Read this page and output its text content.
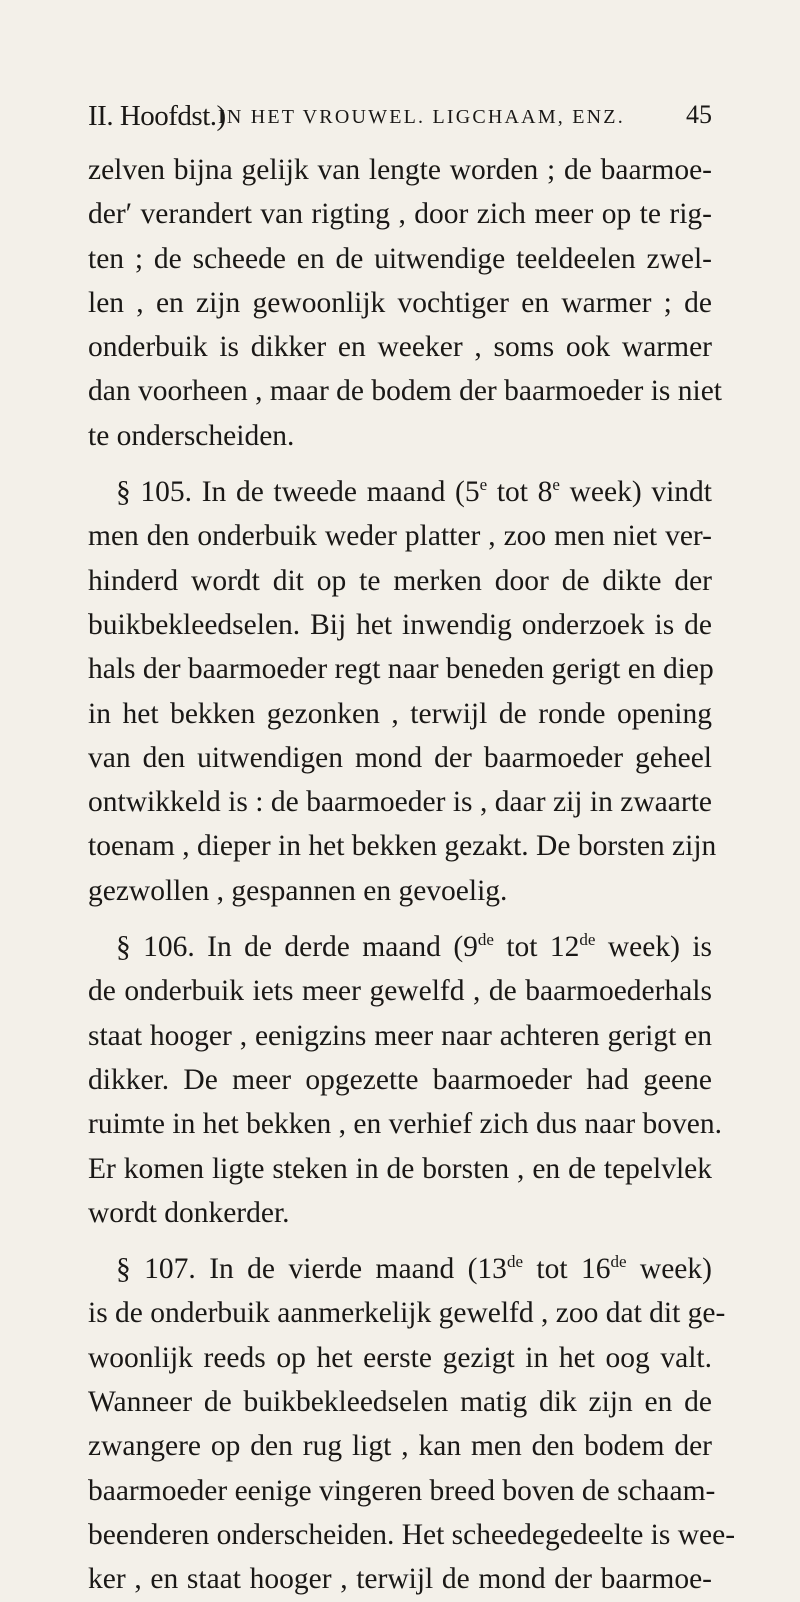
II. Hoofdst.)
IN HET VROUWEL. LIGCHAAM, ENZ. 45
zelven bijna gelijk van lengte worden ; de baarmoe-
der′ verandert van rigting , door zich meer op te rig-
ten ; de scheede en de uitwendige teeldeelen zwel-
len , en zijn gewoonlijk vochtiger en warmer ; de
onderbuik is dikker en weeker , soms ook warmer
dan voorheen , maar de bodem der baarmoeder is niet
te onderscheiden.
§ 105. In de tweede maand (5e tot 8e week) vindt
men den onderbuik weder platter , zoo men niet ver-
hinderd wordt dit op te merken door de dikte der
buikbekleedselen. Bij het inwendig onderzoek is de
hals der baarmoeder regt naar beneden gerigt en diep
in het bekken gezonken , terwijl de ronde opening
van den uitwendigen mond der baarmoeder geheel
ontwikkeld is : de baarmoeder is , daar zij in zwaarte
toenam , dieper in het bekken gezakt. De borsten zijn
gezwollen , gespannen en gevoelig.
§ 106. In de derde maand (9de tot 12de week) is
de onderbuik iets meer gewelfd , de baarmoederhals
staat hooger , eenigzins meer naar achteren gerigt en
dikker. De meer opgezette baarmoeder had geene
ruimte in het bekken , en verhief zich dus naar boven.
Er komen ligte steken in de borsten , en de tepelvlek
wordt donkerder.
§ 107. In de vierde maand (13de tot 16de week)
is de onderbuik aanmerkelijk gewelfd , zoo dat dit ge-
woonlijk reeds op het eerste gezigt in het oog valt.
Wanneer de buikbekleedselen matig dik zijn en de
zwangere op den rug ligt , kan men den bodem der
baarmoeder eenige vingeren breed boven de schaam-
beenderen onderscheiden. Het scheedegedeelte is wee-
ker , en staat hooger , terwijl de mond der baarmoe-
